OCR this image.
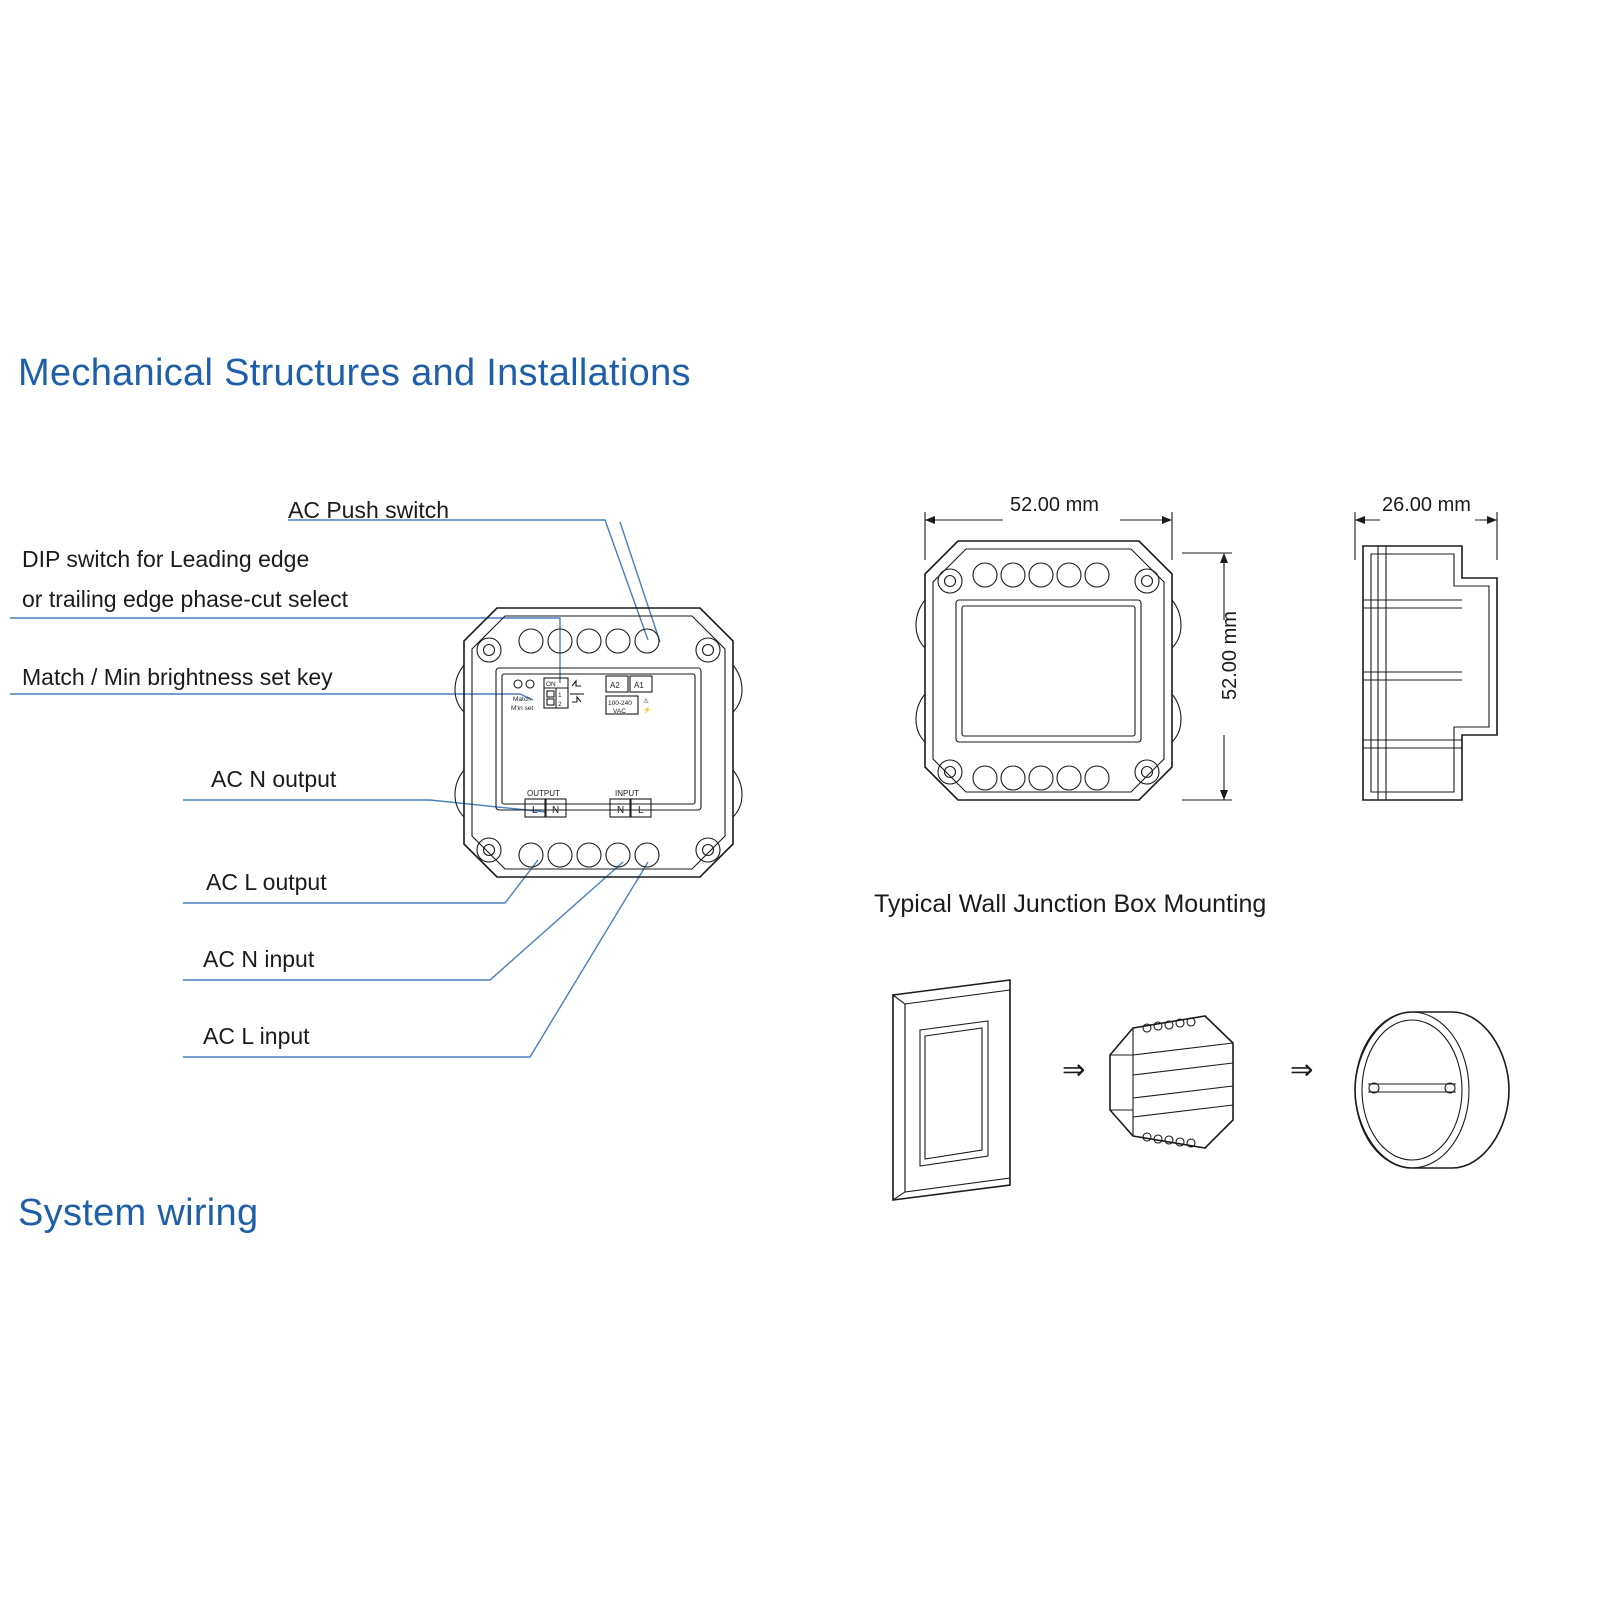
Mechanical Structures and Installations
System wiring
AC Push switch
DIP switch for Leading edge
or trailing edge phase-cut select
Match / Min brightness set key
AC N output
AC L output
AC N input
AC L input
52.00 mm
52.00 mm
26.00 mm
Typical Wall Junction Box Mounting
⇒	⇒
Match
M'in set
ON
1
2
A2 A1
100-240
VAC
⚠
⚡
OUTPUT
L N
INPUT
N L
